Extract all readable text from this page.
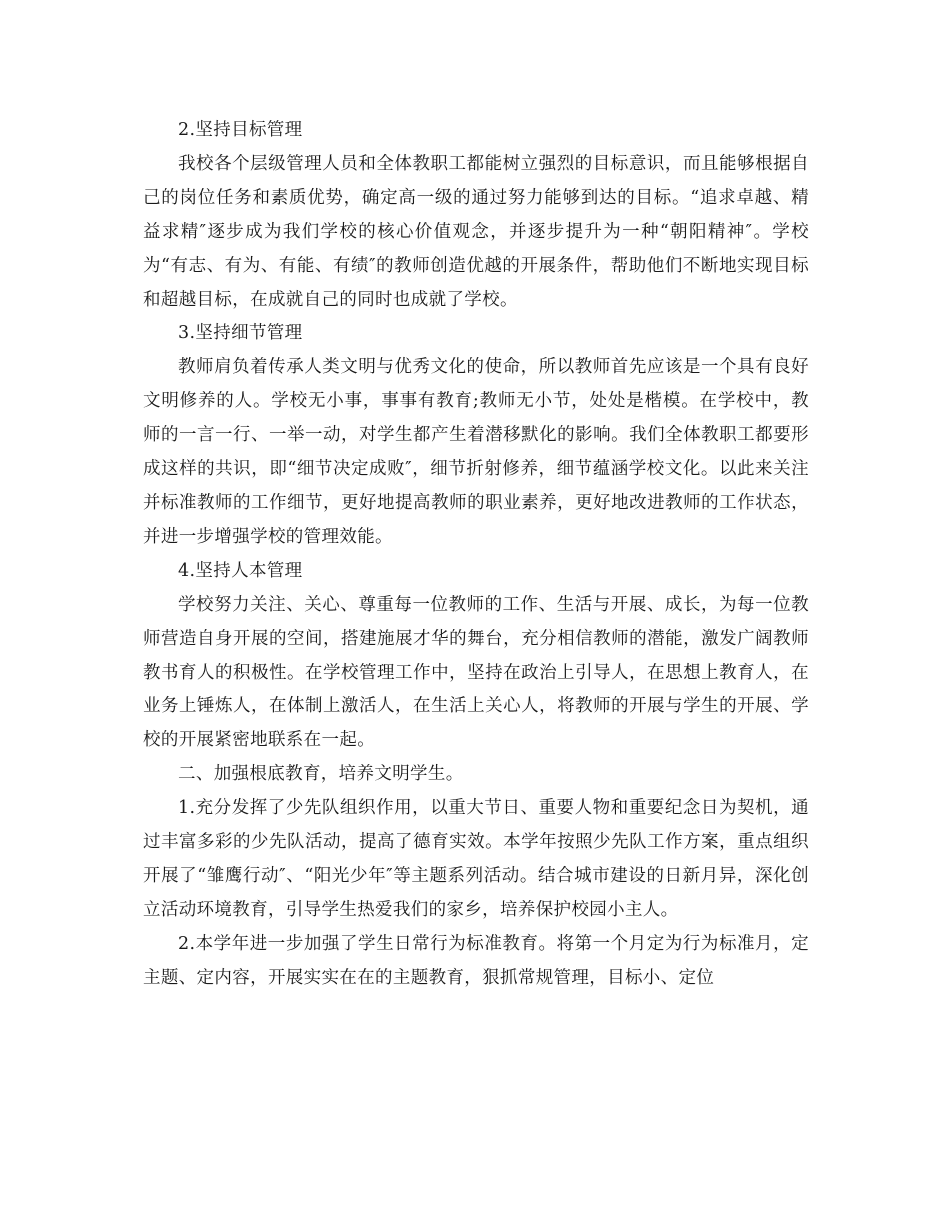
2.坚持目标管理

我校各个层级管理人员和全体教职工都能树立强烈的目标意识，而且能够根据自己的岗位任务和素质优势，确定高一级的通过努力能够到达的目标。“追求卓越、精益求精″逐步成为我们学校的核心价值观念，并逐步提升为一种“朝阳精神″。学校为“有志、有为、有能、有绩″的教师创造优越的开展条件，帮助他们不断地实现目标和超越目标，在成就自己的同时也成就了学校。

3.坚持细节管理

教师肩负着传承人类文明与优秀文化的使命，所以教师首先应该是一个具有良好文明修养的人。学校无小事，事事有教育;教师无小节，处处是楷模。在学校中，教师的一言一行、一举一动，对学生都产生着潜移默化的影响。我们全体教职工都要形成这样的共识，即“细节决定成败″，细节折射修养，细节蕴涵学校文化。以此来关注并标准教师的工作细节，更好地提高教师的职业素养，更好地改进教师的工作状态，并进一步增强学校的管理效能。

4.坚持人本管理

学校努力关注、关心、尊重每一位教师的工作、生活与开展、成长，为每一位教师营造自身开展的空间，搭建施展才华的舞台，充分相信教师的潜能，激发广阔教师教书育人的积极性。在学校管理工作中，坚持在政治上引导人，在思想上教育人，在业务上锤炼人，在体制上激活人，在生活上关心人，将教师的开展与学生的开展、学校的开展紧密地联系在一起。

二、加强根底教育，培养文明学生。

1.充分发挥了少先队组织作用，以重大节日、重要人物和重要纪念日为契机，通过丰富多彩的少先队活动，提高了德育实效。本学年按照少先队工作方案，重点组织开展了“雏鹰行动″、“阳光少年″等主题系列活动。结合城市建设的日新月异，深化创立活动环境教育，引导学生热爱我们的家乡，培养保护校园小主人。

2.本学年进一步加强了学生日常行为标准教育。将第一个月定为行为标准月，定主题、定内容，开展实实在在的主题教育，狠抓常规管理，目标小、定位
